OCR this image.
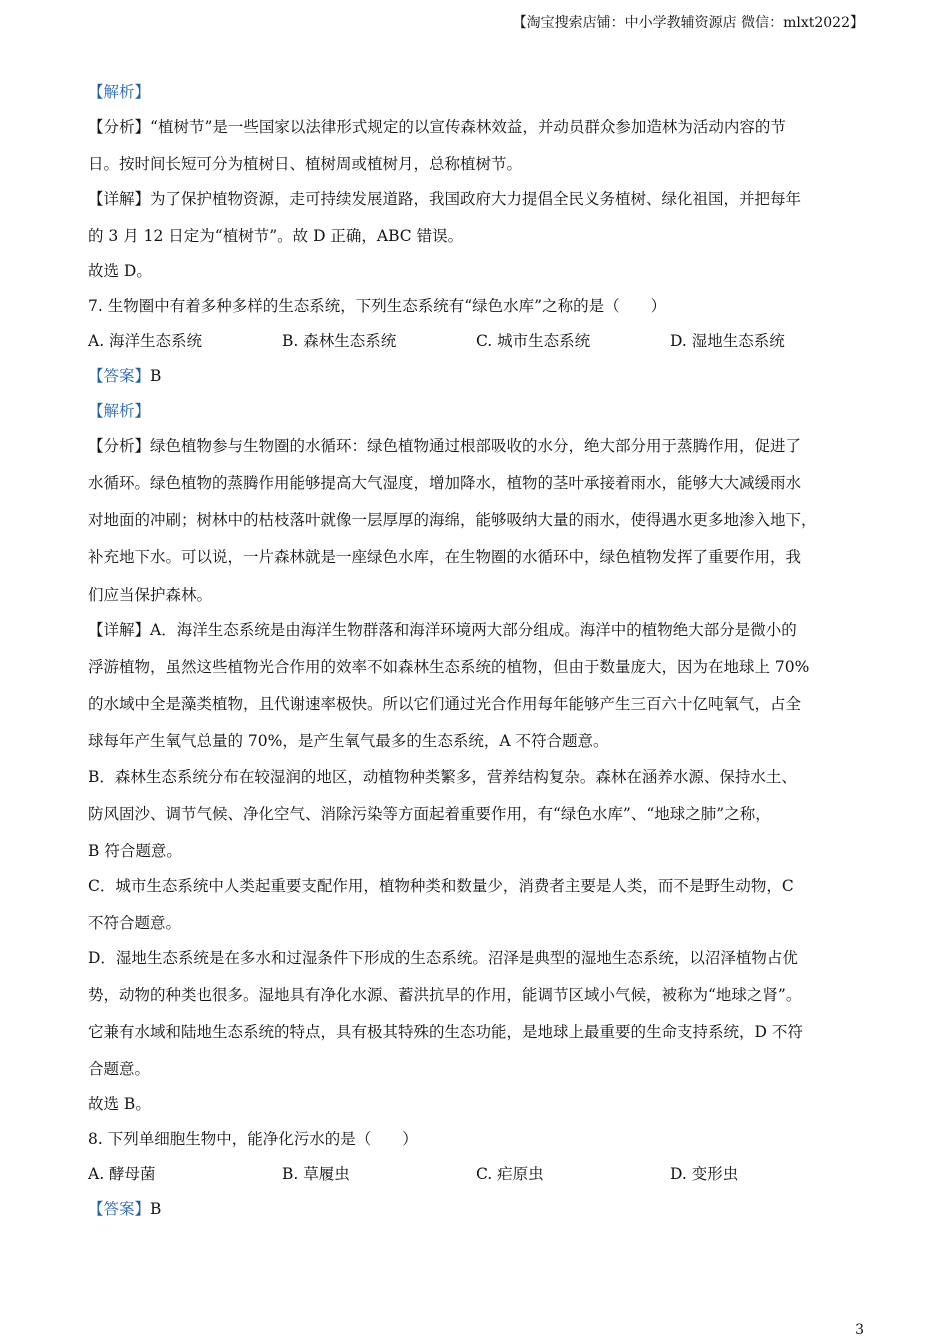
【淘宝搜索店铺：中小学教辅资源店 微信：mlxt2022】
【解析】
【分析】“植树节”是一些国家以法律形式规定的以宣传森林效益，并动员群众参加造林为活动内容的节
日。按时间长短可分为植树日、植树周或植树月，总称植树节。
【详解】为了保护植物资源，走可持续发展道路，我国政府大力提倡全民义务植树、绿化祖国，并把每年
的 3 月 12 日定为“植树节”。故 D 正确，ABC 错误。
故选 D。
7. 生物圈中有着多种多样的生态系统，下列生态系统有“绿色水库”之称的是（　　）
A. 海洋生态系统	B. 森林生态系统	C. 城市生态系统	D. 湿地生态系统
【答案】B
【解析】
【分析】绿色植物参与生物圈的水循环：绿色植物通过根部吸收的水分，绝大部分用于蒸腾作用，促进了
水循环。绿色植物的蒸腾作用能够提高大气湿度，增加降水，植物的茎叶承接着雨水，能够大大减缓雨水
对地面的冲刷；树林中的枯枝落叶就像一层厚厚的海绵，能够吸纳大量的雨水，使得遇水更多地渗入地下，
补充地下水。可以说，一片森林就是一座绿色水库，在生物圈的水循环中，绿色植物发挥了重要作用，我
们应当保护森林。
【详解】A．海洋生态系统是由海洋生物群落和海洋环境两大部分组成。海洋中的植物绝大部分是微小的
浮游植物，虽然这些植物光合作用的效率不如森林生态系统的植物，但由于数量庞大，因为在地球上 70%
的水域中全是藻类植物，且代谢速率极快。所以它们通过光合作用每年能够产生三百六十亿吨氧气，占全
球每年产生氧气总量的 70%，是产生氧气最多的生态系统，A 不符合题意。
B．森林生态系统分布在较湿润的地区，动植物种类繁多，营养结构复杂。森林在涵养水源、保持水土、
防风固沙、调节气候、净化空气、消除污染等方面起着重要作用，有“绿色水库”、“地球之肺”之称，
B 符合题意。
C．城市生态系统中人类起重要支配作用，植物种类和数量少，消费者主要是人类，而不是野生动物，C
不符合题意。
D．湿地生态系统是在多水和过湿条件下形成的生态系统。沼泽是典型的湿地生态系统，以沼泽植物占优
势，动物的种类也很多。湿地具有净化水源、蓄洪抗旱的作用，能调节区域小气候，被称为“地球之肾”。
它兼有水域和陆地生态系统的特点，具有极其特殊的生态功能，是地球上最重要的生命支持系统，D 不符
合题意。
故选 B。
8. 下列单细胞生物中，能净化污水的是（　　）
A. 酵母菌	B. 草履虫	C. 疟原虫	D. 变形虫
【答案】B
3
